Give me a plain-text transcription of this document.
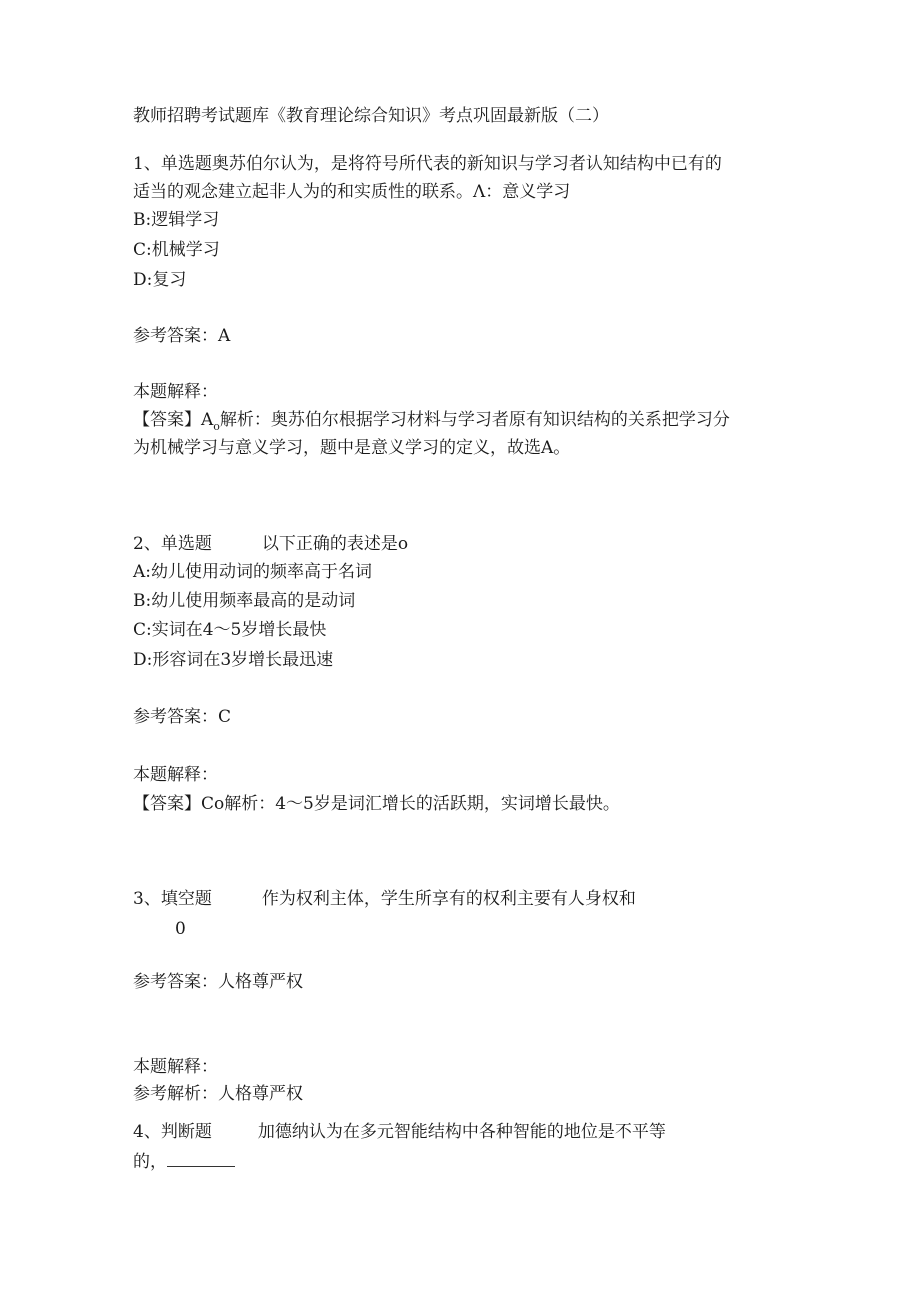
教师招聘考试题库《教育理论综合知识》考点巩固最新版（二）
1、单选题奥苏伯尔认为，是将符号所代表的新知识与学习者认知结构中已有的
适当的观念建立起非人为的和实质性的联系。Λ：意义学习
B:逻辑学习
C:机械学习
D:复习
参考答案：A
本题解释：
【答案】$A_o$解析：奥苏伯尔根据学习材料与学习者原有知识结构的关系把学习分
为机械学习与意义学习，题中是意义学习的定义，故选A。
2、单选题	以下正确的表述是o
A:幼儿使用动词的频率高于名词
B:幼儿使用频率最高的是动词
C:实词在4～5岁增长最快
D:形容词在3岁增长最迅速
参考答案：C
本题解释：
【答案】Co解析：4～5岁是词汇增长的活跃期，实词增长最快。
3、填空题	作为权利主体，学生所享有的权利主要有人身权和
0
参考答案：人格尊严权
本题解释：
参考解析：人格尊严权
4、判断题	加德纳认为在多元智能结构中各种智能的地位是不平等
的，
